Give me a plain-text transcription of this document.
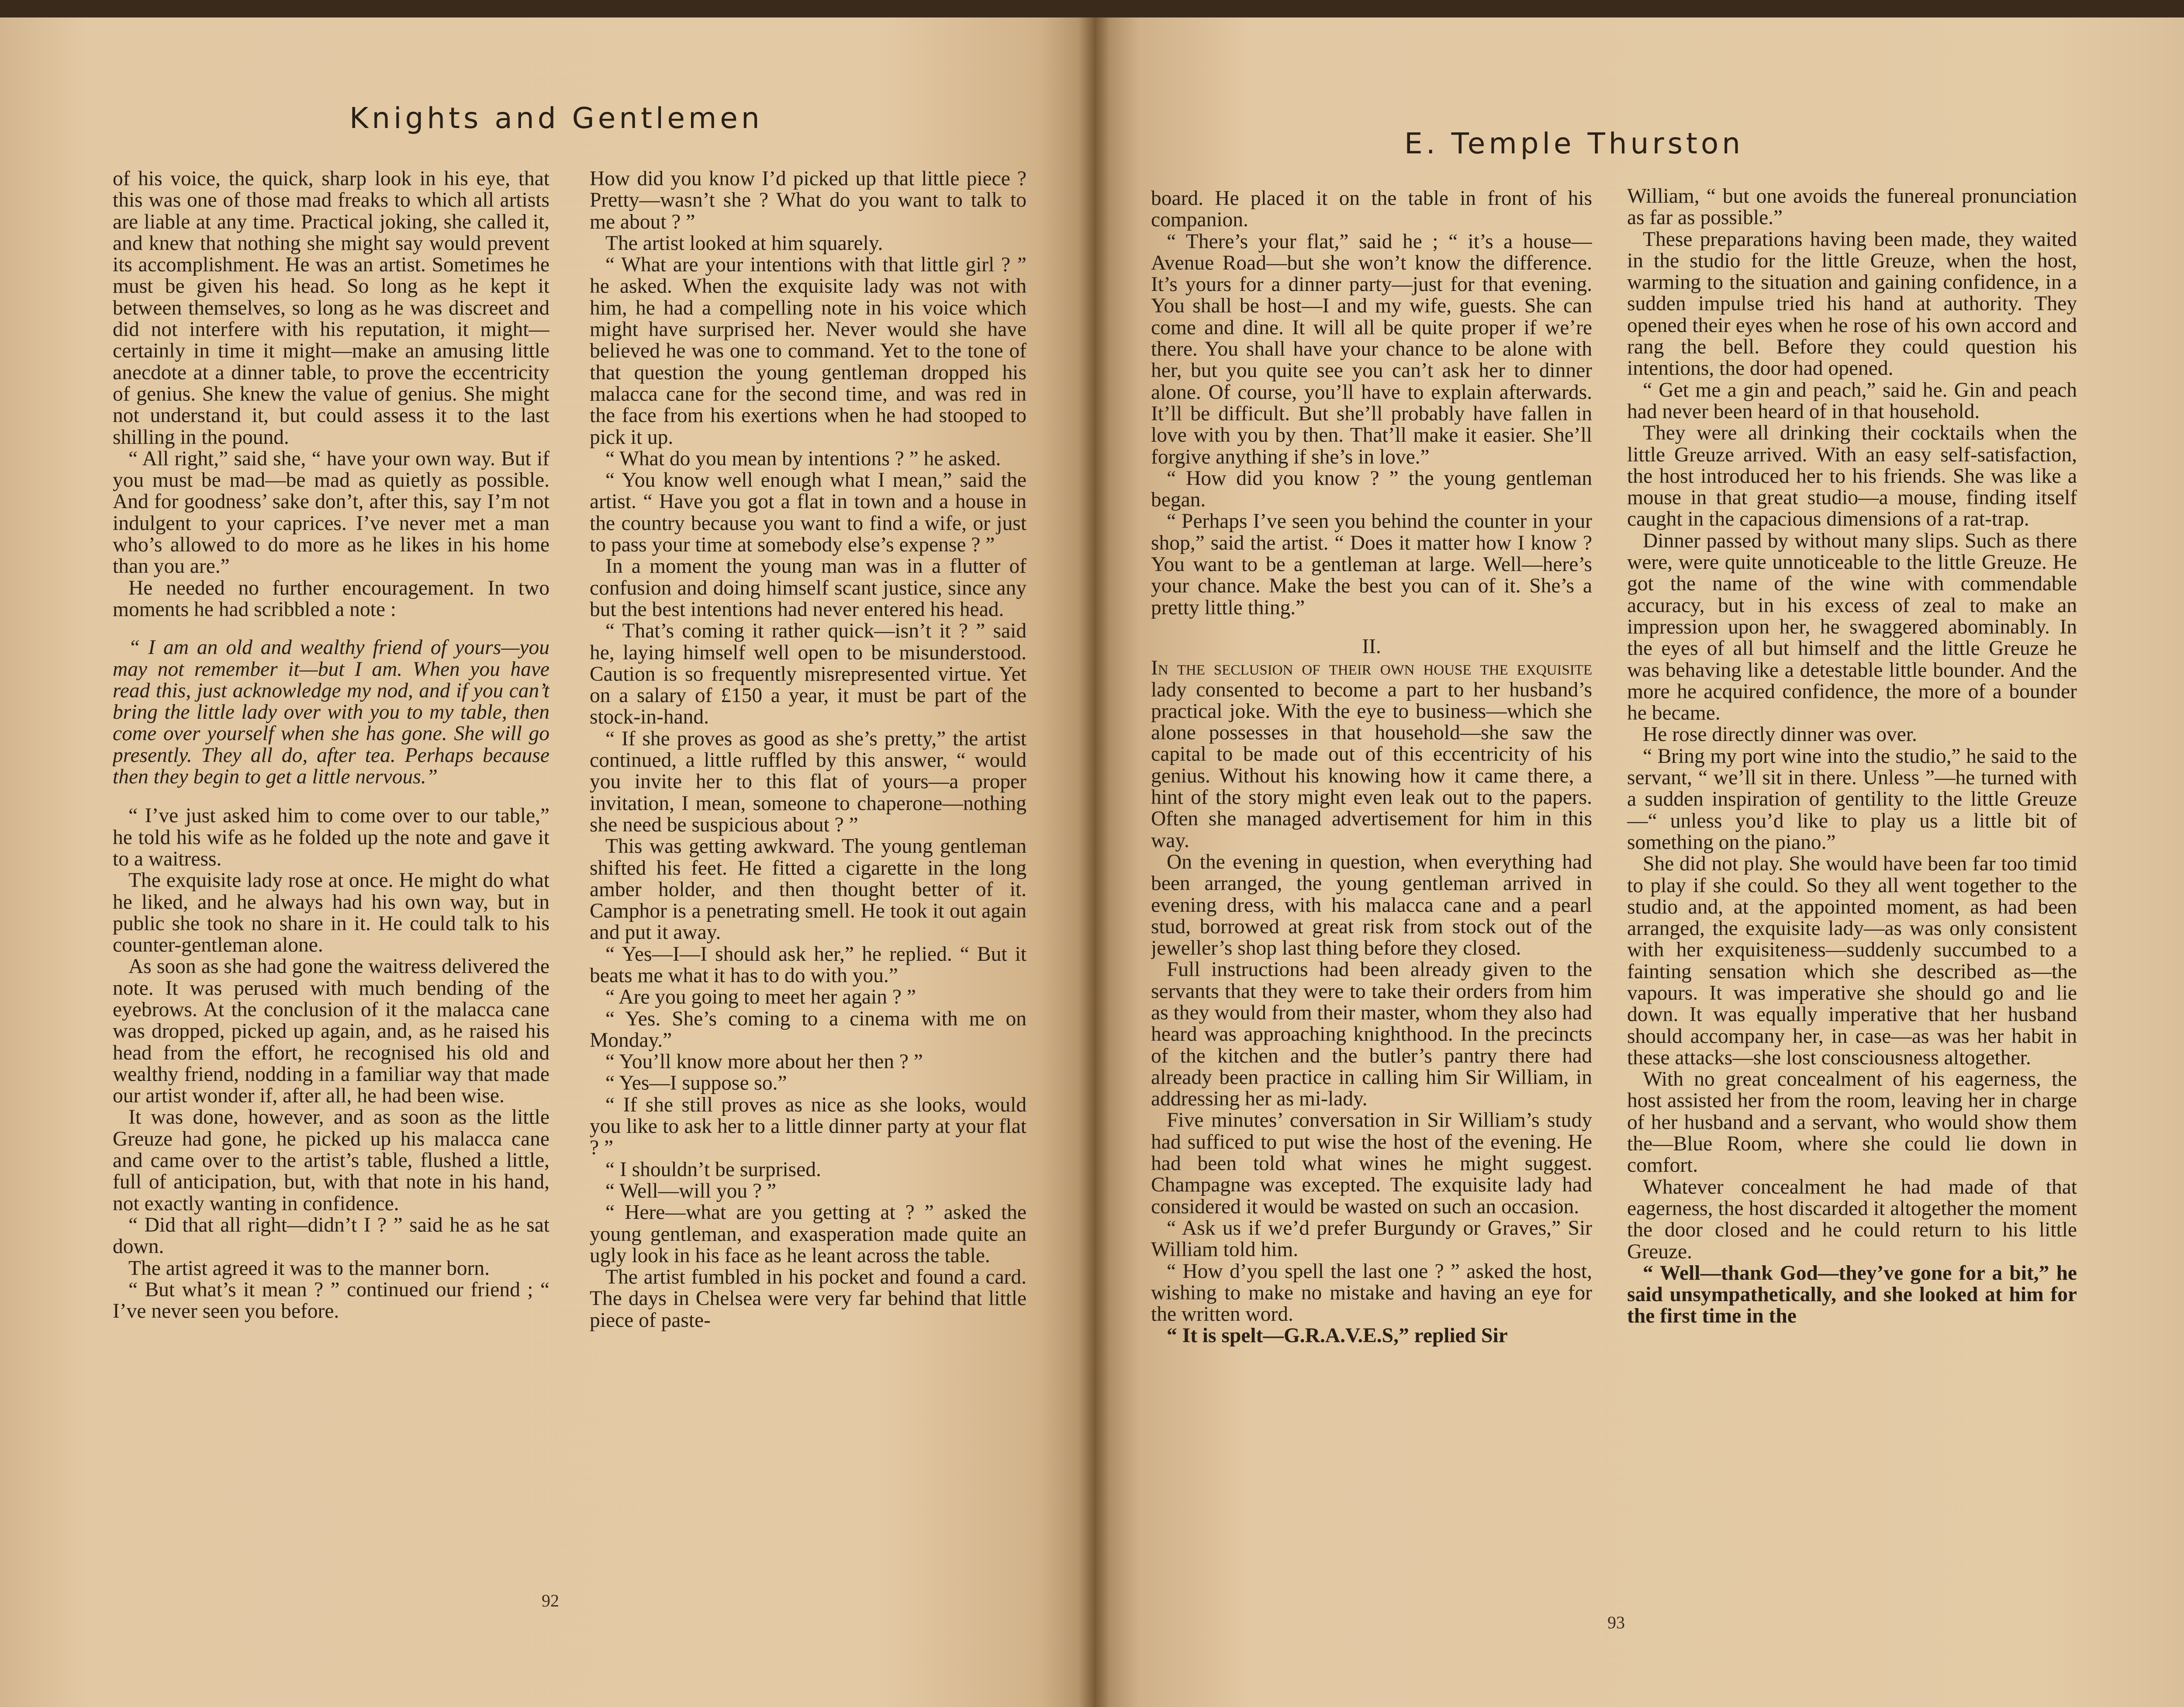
Knights and Gentlemen

of his voice, the quick, sharp look in his eye, that this was one of those mad freaks to which all artists are liable at any time. Practical joking, she called it, and knew that nothing she might say would prevent its accomplishment. He was an artist. Sometimes he must be given his head. So long as he kept it between themselves, so long as he was discreet and did not interfere with his reputation, it might—certainly in time it might—make an amusing little anecdote at a dinner table, to prove the eccentricity of genius. She knew the value of genius. She might not understand it, but could assess it to the last shilling in the pound.

“ All right,” said she, “ have your own way. But if you must be mad—be mad as quietly as possible. And for goodness’ sake don’t, after this, say I’m not indulgent to your caprices. I’ve never met a man who’s allowed to do more as he likes in his home than you are.”

He needed no further encouragement. In two moments he had scribbled a note :

“ I am an old and wealthy friend of yours—you may not remember it—but I am. When you have read this, just acknowledge my nod, and if you can’t bring the little lady over with you to my table, then come over yourself when she has gone. She will go presently. They all do, after tea. Perhaps because then they begin to get a little nervous.”

“ I’ve just asked him to come over to our table,” he told his wife as he folded up the note and gave it to a waitress.

The exquisite lady rose at once. He might do what he liked, and he always had his own way, but in public she took no share in it. He could talk to his counter-gentleman alone.

As soon as she had gone the waitress delivered the note. It was perused with much bending of the eyebrows. At the conclusion of it the malacca cane was dropped, picked up again, and, as he raised his head from the effort, he recognised his old and wealthy friend, nodding in a familiar way that made our artist wonder if, after all, he had been wise.

It was done, however, and as soon as the little Greuze had gone, he picked up his malacca cane and came over to the artist’s table, flushed a little, full of anticipation, but, with that note in his hand, not exactly wanting in confidence.

“ Did that all right—didn’t I ? ” said he as he sat down.

The artist agreed it was to the manner born.

“ But what’s it mean ? ” continued our friend ; “ I’ve never seen you before.

How did you know I’d picked up that little piece ? Pretty—wasn’t she ? What do you want to talk to me about ? ”

The artist looked at him squarely.

“ What are your intentions with that little girl ? ” he asked. When the exquisite lady was not with him, he had a compelling note in his voice which might have surprised her. Never would she have believed he was one to command. Yet to the tone of that question the young gentleman dropped his malacca cane for the second time, and was red in the face from his exertions when he had stooped to pick it up.

“ What do you mean by intentions ? ” he asked.

“ You know well enough what I mean,” said the artist. “ Have you got a flat in town and a house in the country because you want to find a wife, or just to pass your time at somebody else’s expense ? ”

In a moment the young man was in a flutter of confusion and doing himself scant justice, since any but the best intentions had never entered his head.

“ That’s coming it rather quick—isn’t it ? ” said he, laying himself well open to be misunderstood. Caution is so frequently misrepresented virtue. Yet on a salary of £150 a year, it must be part of the stock-in-hand.

“ If she proves as good as she’s pretty,” the artist continued, a little ruffled by this answer, “ would you invite her to this flat of yours—a proper invitation, I mean, someone to chaperone—nothing she need be suspicious about ? ”

This was getting awkward. The young gentleman shifted his feet. He fitted a cigarette in the long amber holder, and then thought better of it. Camphor is a penetrating smell. He took it out again and put it away.

“ Yes—I—I should ask her,” he replied. “ But it beats me what it has to do with you.”

“ Are you going to meet her again ? ”

“ Yes. She’s coming to a cinema with me on Monday.”

“ You’ll know more about her then ? ”

“ Yes—I suppose so.”

“ If she still proves as nice as she looks, would you like to ask her to a little dinner party at your flat ? ”

“ I shouldn’t be surprised.

“ Well—will you ? ”

“ Here—what are you getting at ? ” asked the young gentleman, and exasperation made quite an ugly look in his face as he leant across the table.

The artist fumbled in his pocket and found a card. The days in Chelsea were very far behind that little piece of paste-

92
E. Temple Thurston

board. He placed it on the table in front of his companion.

“ There’s your flat,” said he ; “ it’s a house—Avenue Road—but she won’t know the difference. It’s yours for a dinner party—just for that evening. You shall be host—I and my wife, guests. She can come and dine. It will all be quite proper if we’re there. You shall have your chance to be alone with her, but you quite see you can’t ask her to dinner alone. Of course, you’ll have to explain afterwards. It’ll be difficult. But she’ll probably have fallen in love with you by then. That’ll make it easier. She’ll forgive anything if she’s in love.”

“ How did you know ? ” the young gentleman began.

“ Perhaps I’ve seen you behind the counter in your shop,” said the artist. “ Does it matter how I know ? You want to be a gentleman at large. Well—here’s your chance. Make the best you can of it. She’s a pretty little thing.”

II.

In the seclusion of their own house the exquisite lady consented to become a part to her husband’s practical joke. With the eye to business—which she alone possesses in that household—she saw the capital to be made out of this eccentricity of his genius. Without his knowing how it came there, a hint of the story might even leak out to the papers. Often she managed advertisement for him in this way.

On the evening in question, when everything had been arranged, the young gentleman arrived in evening dress, with his malacca cane and a pearl stud, borrowed at great risk from stock out of the jeweller’s shop last thing before they closed.

Full instructions had been already given to the servants that they were to take their orders from him as they would from their master, whom they also had heard was approaching knighthood. In the precincts of the kitchen and the butler’s pantry there had already been practice in calling him Sir William, in addressing her as mi-lady.

Five minutes’ conversation in Sir William’s study had sufficed to put wise the host of the evening. He had been told what wines he might suggest. Champagne was excepted. The exquisite lady had considered it would be wasted on such an occasion.

“ Ask us if we’d prefer Burgundy or Graves,” Sir William told him.

“ How d’you spell the last one ? ” asked the host, wishing to make no mistake and having an eye for the written word.

“ It is spelt—G.R.A.V.E.S,” replied Sir

William, “ but one avoids the funereal pronunciation as far as possible.”

These preparations having been made, they waited in the studio for the little Greuze, when the host, warming to the situation and gaining confidence, in a sudden impulse tried his hand at authority. They opened their eyes when he rose of his own accord and rang the bell. Before they could question his intentions, the door had opened.

“ Get me a gin and peach,” said he. Gin and peach had never been heard of in that household.

They were all drinking their cocktails when the little Greuze arrived. With an easy self-satisfaction, the host introduced her to his friends. She was like a mouse in that great studio—a mouse, finding itself caught in the capacious dimensions of a rat-trap.

Dinner passed by without many slips. Such as there were, were quite unnoticeable to the little Greuze. He got the name of the wine with commendable accuracy, but in his excess of zeal to make an impression upon her, he swaggered abominably. In the eyes of all but himself and the little Greuze he was behaving like a detestable little bounder. And the more he acquired confidence, the more of a bounder he became.

He rose directly dinner was over.

“ Bring my port wine into the studio,” he said to the servant, “ we’ll sit in there. Unless ”—he turned with a sudden inspiration of gentility to the little Greuze—“ unless you’d like to play us a little bit of something on the piano.”

She did not play. She would have been far too timid to play if she could. So they all went together to the studio and, at the appointed moment, as had been arranged, the exquisite lady—as was only consistent with her exquisiteness—suddenly succumbed to a fainting sensation which she described as—the vapours. It was imperative she should go and lie down. It was equally imperative that her husband should accompany her, in case—as was her habit in these attacks—she lost consciousness altogether.

With no great concealment of his eagerness, the host assisted her from the room, leaving her in charge of her husband and a servant, who would show them the—Blue Room, where she could lie down in comfort.

Whatever concealment he had made of that eagerness, the host discarded it altogether the moment the door closed and he could return to his little Greuze.

“ Well—thank God—they’ve gone for a bit,” he said unsympathetically, and she looked at him for the first time in the

93
